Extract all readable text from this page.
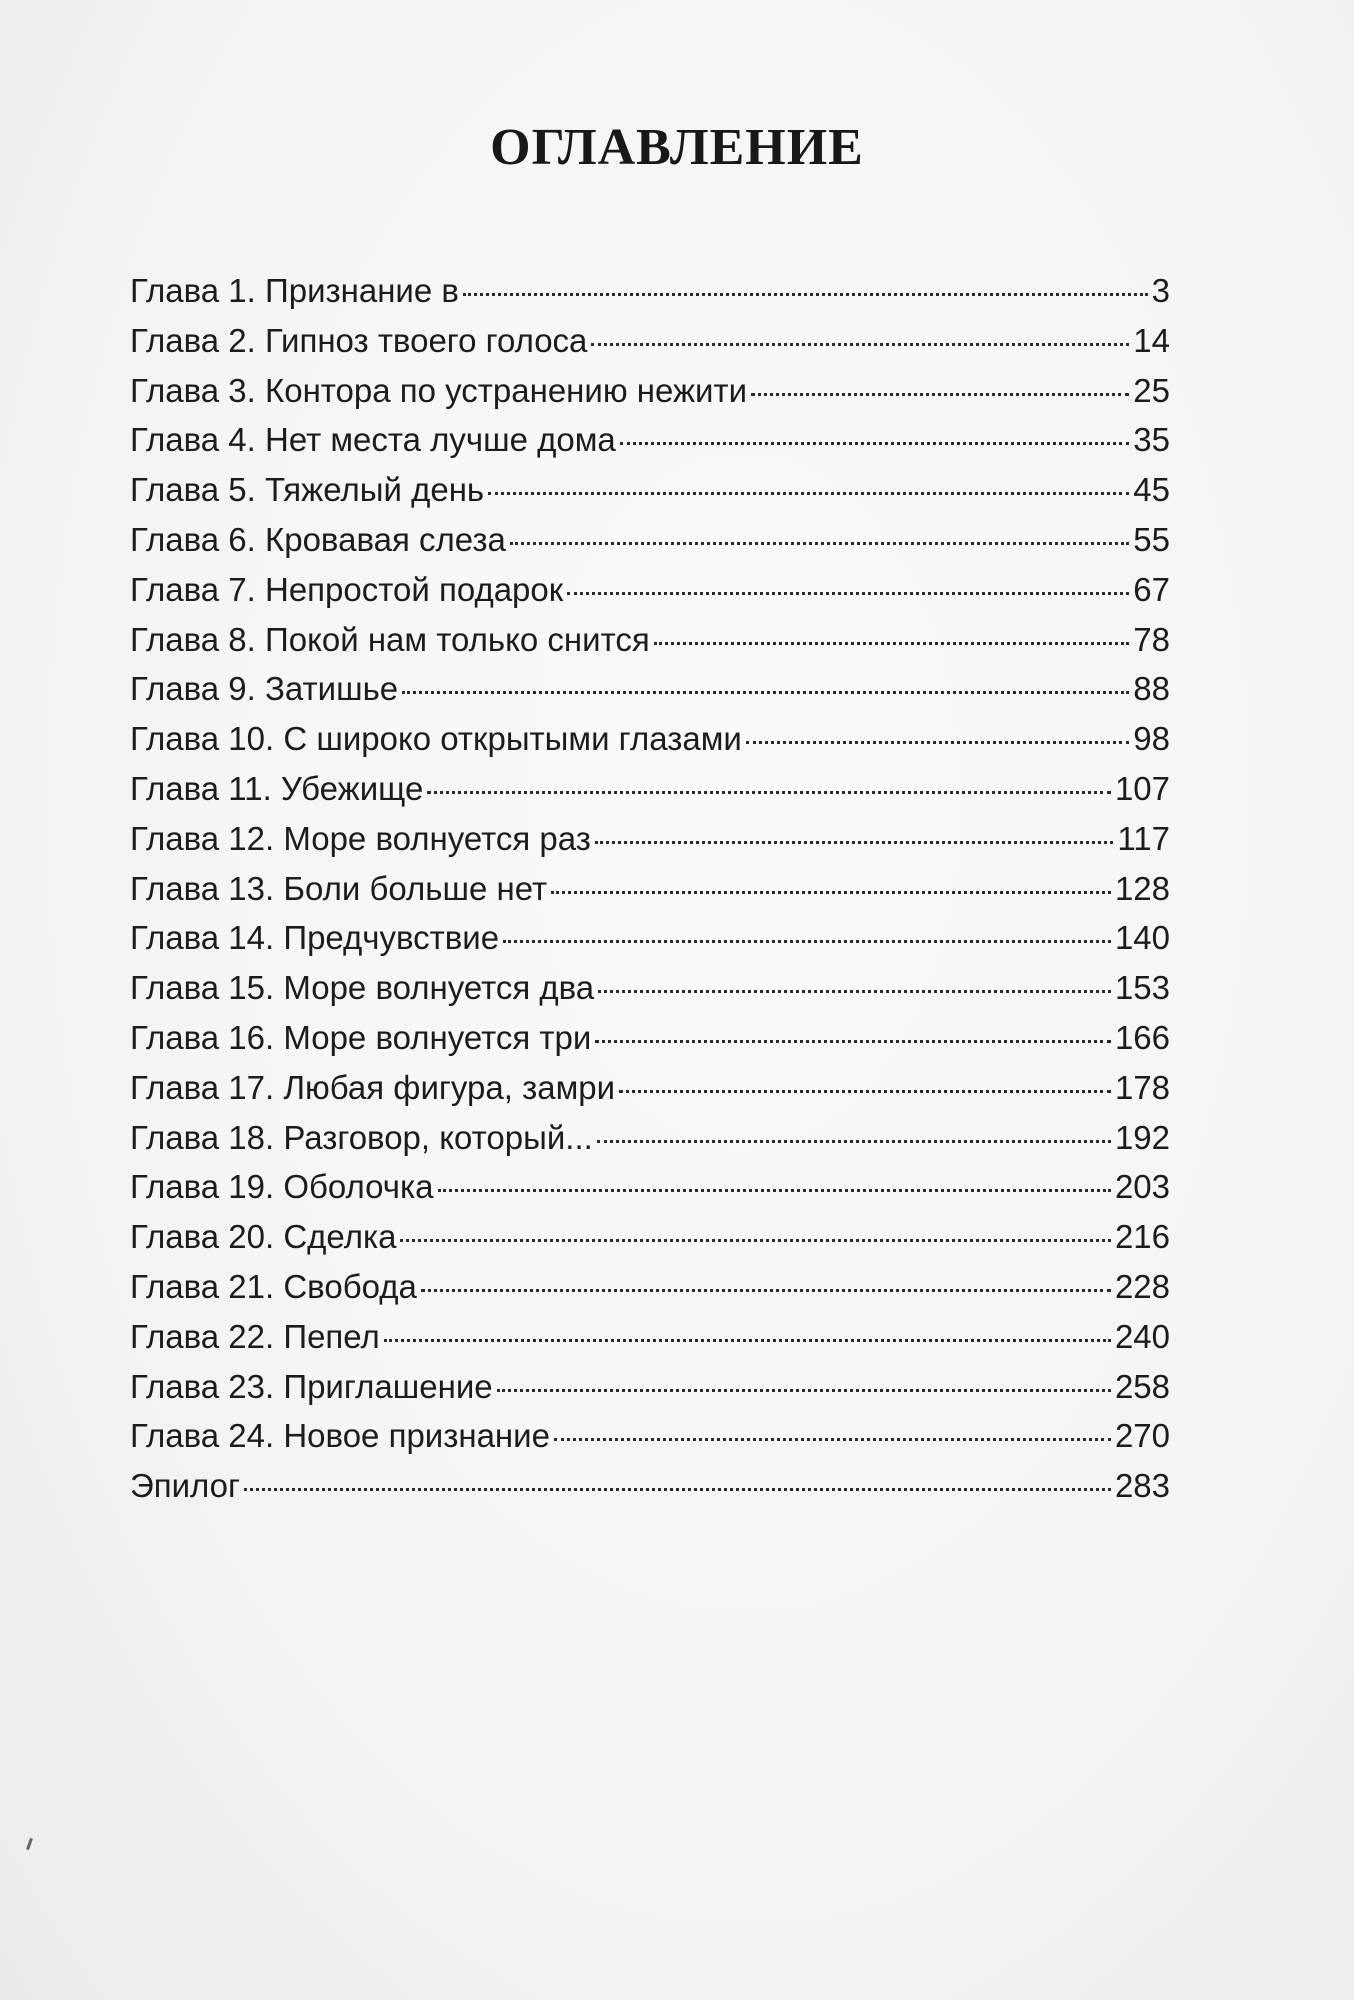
ОГЛАВЛЕНИЕ
Глава 1. Признание в	3
Глава 2. Гипноз твоего голоса	14
Глава 3. Контора по устранению нежити	25
Глава 4. Нет места лучше дома	35
Глава 5. Тяжелый день	45
Глава 6. Кровавая слеза	55
Глава 7. Непростой подарок	67
Глава 8. Покой нам только снится	78
Глава 9. Затишье	88
Глава 10. С широко открытыми глазами	98
Глава 11. Убежище	107
Глава 12. Море волнуется раз	117
Глава 13. Боли больше нет	128
Глава 14. Предчувствие	140
Глава 15. Море волнуется два	153
Глава 16. Море волнуется три	166
Глава 17. Любая фигура, замри	178
Глава 18. Разговор, который...	192
Глава 19. Оболочка	203
Глава 20. Сделка	216
Глава 21. Свобода	228
Глава 22. Пепел	240
Глава 23. Приглашение	258
Глава 24. Новое признание	270
Эпилог	283
